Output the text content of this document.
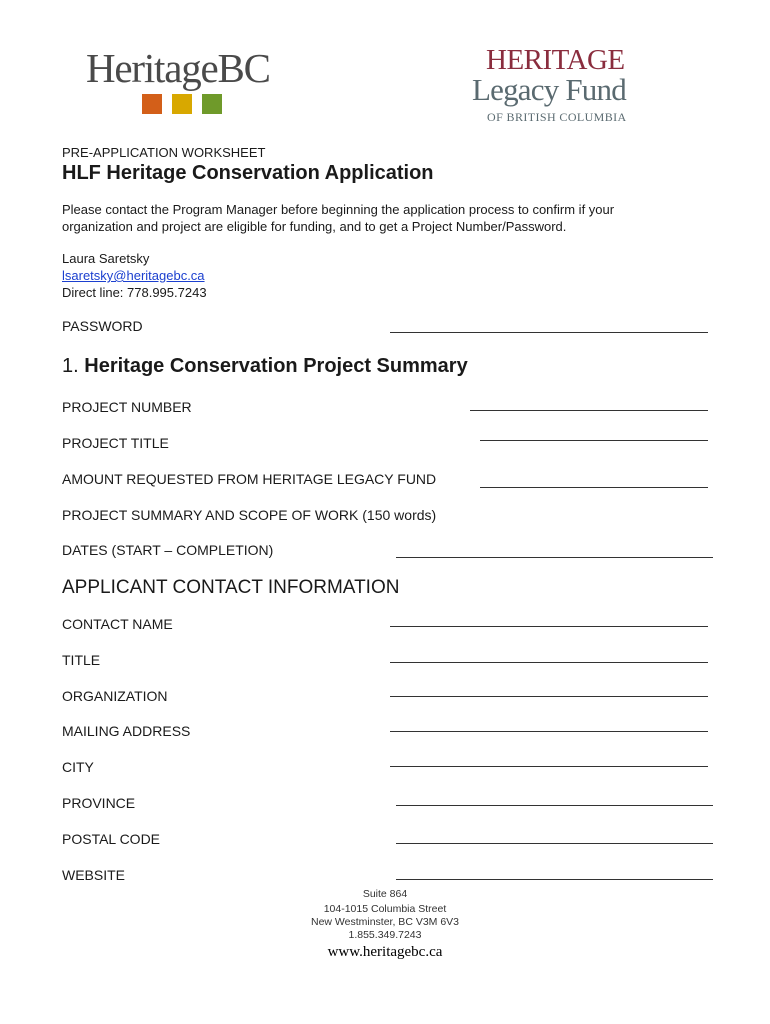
HeritageBC	HERITAGE
Legacy Fund
OF BRITISH COLUMBIA
PRE-APPLICATION WORKSHEET
HLF Heritage Conservation Application
Please contact the Program Manager before beginning the application process to confirm if your
organization and project are eligible for funding, and to get a Project Number/Password.
Laura Saretsky
lsaretsky@heritagebc.ca
Direct line: 778.995.7243
PASSWORD
1. Heritage Conservation Project Summary
PROJECT NUMBER
PROJECT TITLE
AMOUNT REQUESTED FROM HERITAGE LEGACY FUND
PROJECT SUMMARY AND SCOPE OF WORK (150 words)
DATES (START – COMPLETION)
APPLICANT CONTACT INFORMATION
CONTACT NAME
TITLE
ORGANIZATION
MAILING ADDRESS
CITY
PROVINCE
POSTAL CODE
WEBSITE
Suite 864
104-1015 Columbia Street
New Westminster, BC V3M 6V3
1.855.349.7243
www.heritagebc.ca
